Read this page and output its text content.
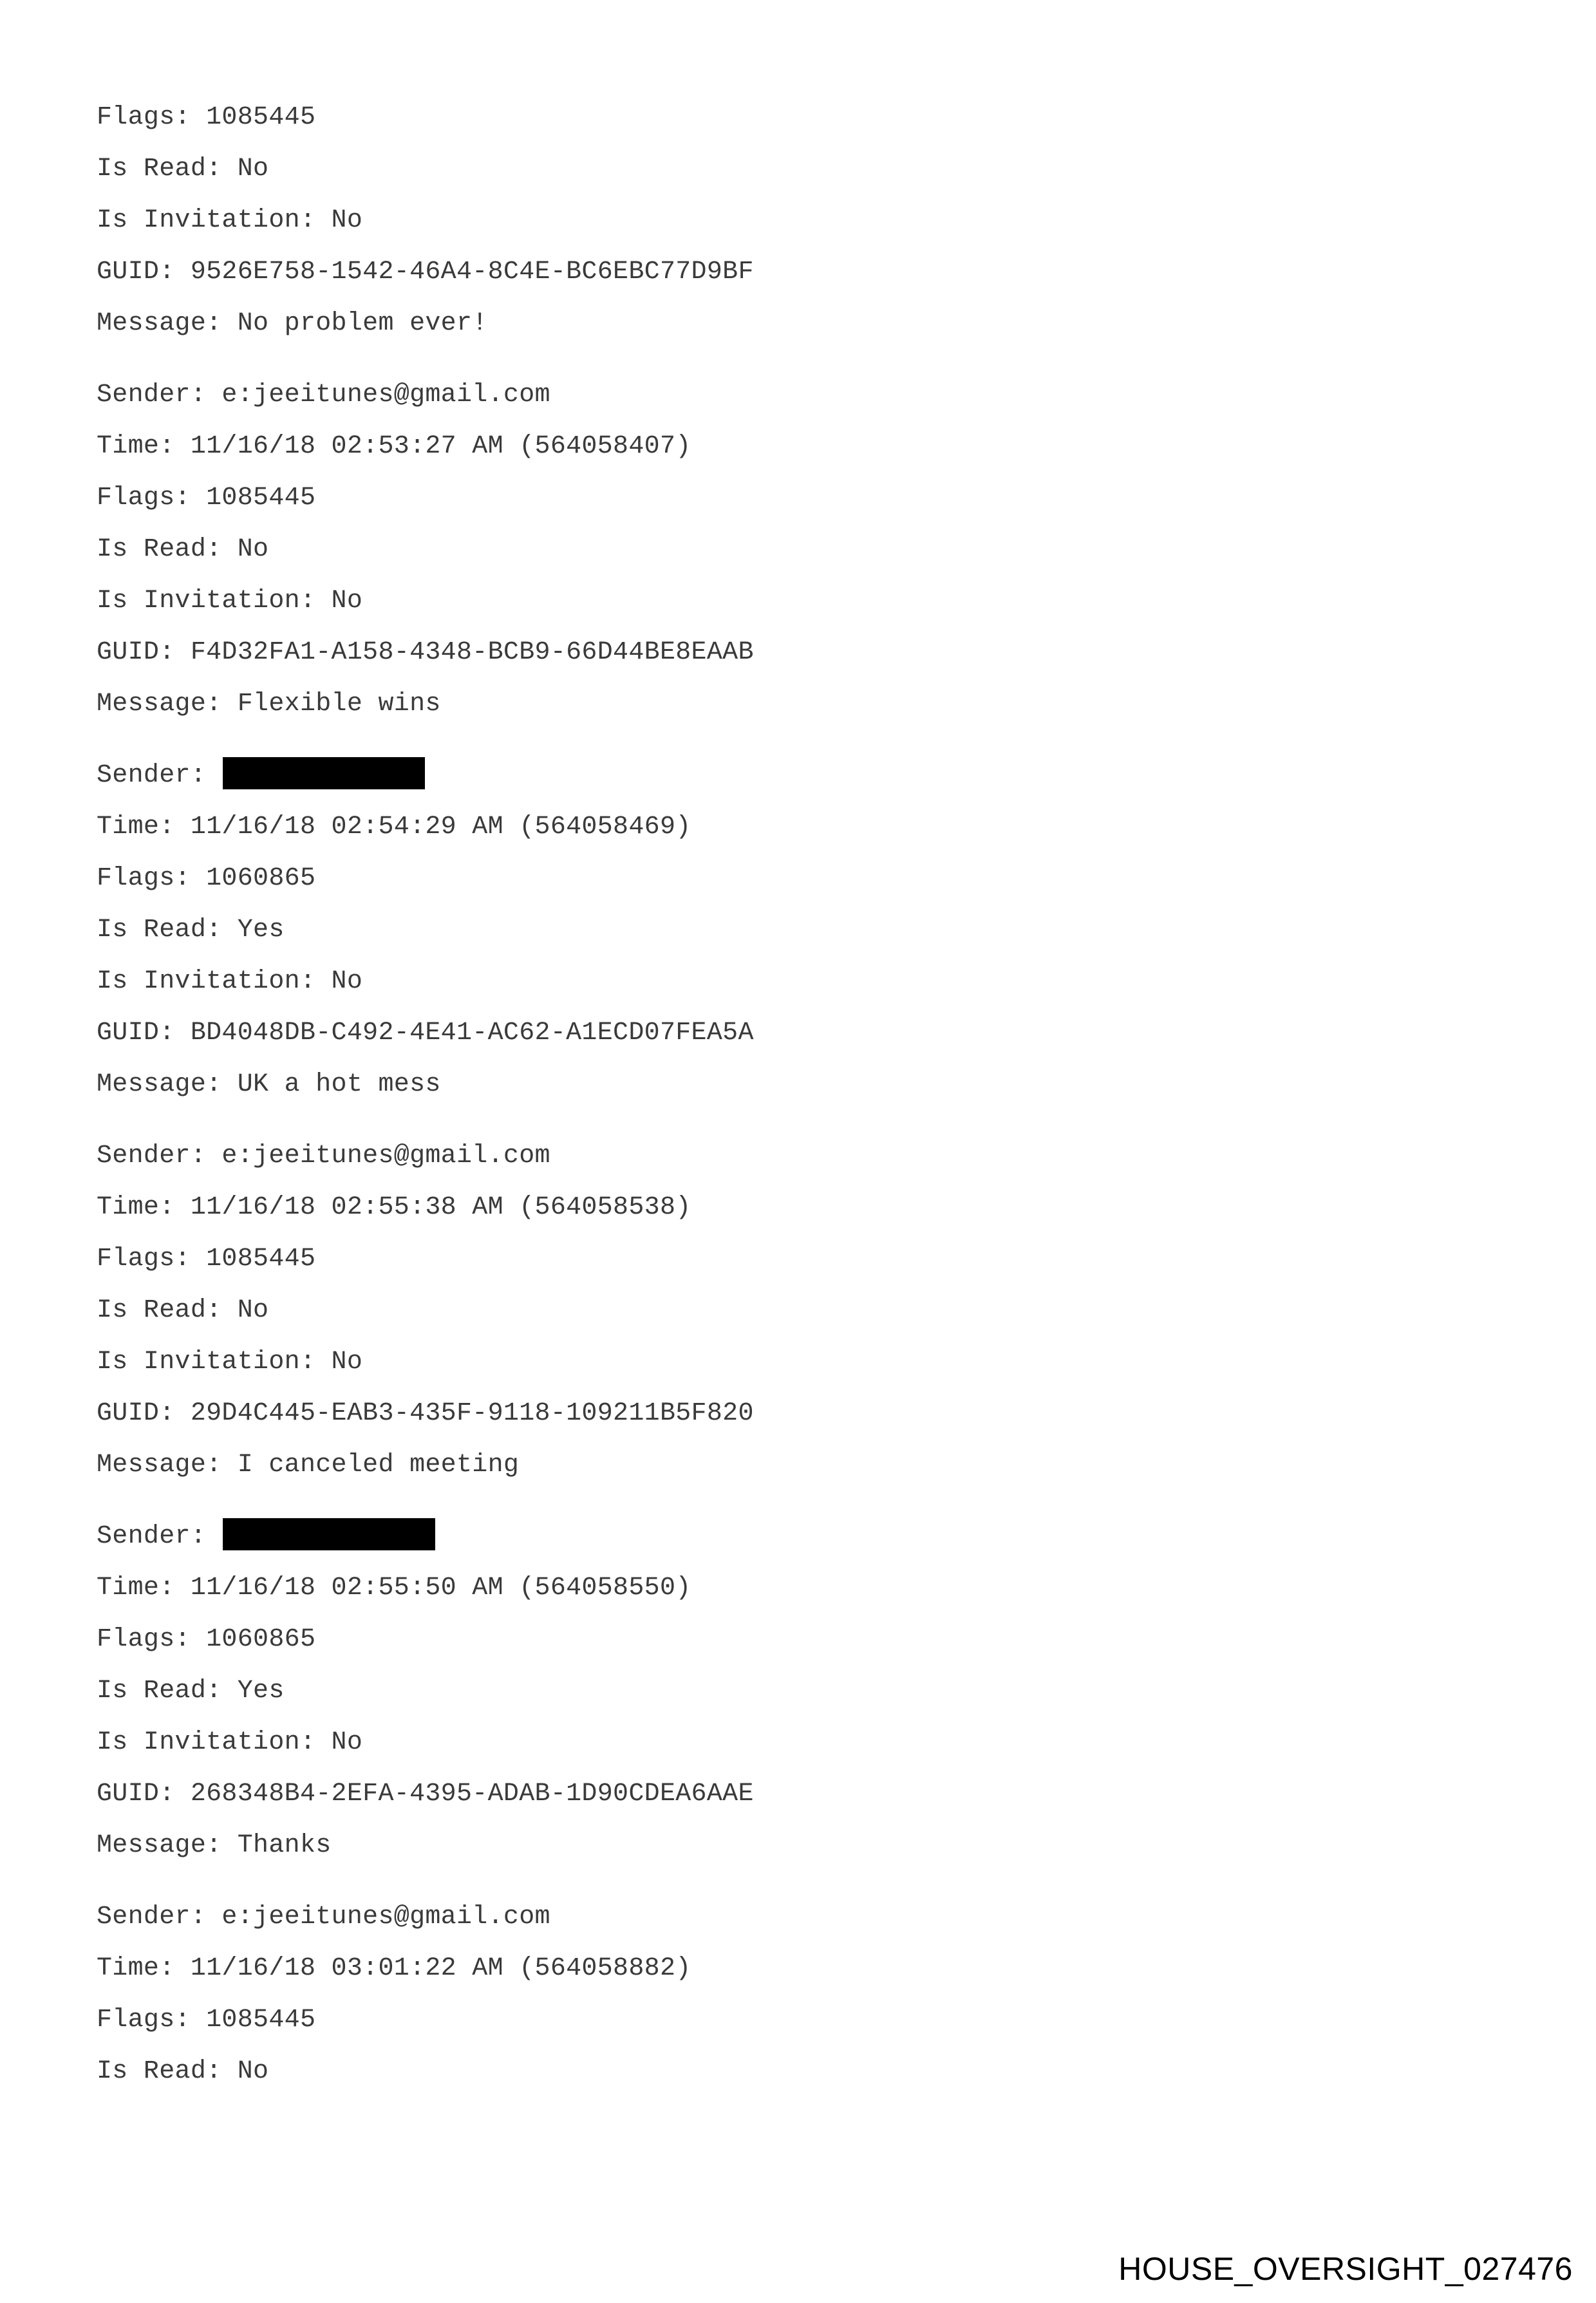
Flags: 1085445
Is Read: No
Is Invitation: No
GUID: 9526E758-1542-46A4-8C4E-BC6EBC77D9BF
Message: No problem ever!
Sender: e:jeeitunes@gmail.com
Time: 11/16/18 02:53:27 AM (564058407)
Flags: 1085445
Is Read: No
Is Invitation: No
GUID: F4D32FA1-A158-4348-BCB9-66D44BE8EAAB
Message: Flexible wins
Sender:
Time: 11/16/18 02:54:29 AM (564058469)
Flags: 1060865
Is Read: Yes
Is Invitation: No
GUID: BD4048DB-C492-4E41-AC62-A1ECD07FEA5A
Message: UK a hot mess
Sender: e:jeeitunes@gmail.com
Time: 11/16/18 02:55:38 AM (564058538)
Flags: 1085445
Is Read: No
Is Invitation: No
GUID: 29D4C445-EAB3-435F-9118-109211B5F820
Message: I canceled meeting
Sender:
Time: 11/16/18 02:55:50 AM (564058550)
Flags: 1060865
Is Read: Yes
Is Invitation: No
GUID: 268348B4-2EFA-4395-ADAB-1D90CDEA6AAE
Message: Thanks
Sender: e:jeeitunes@gmail.com
Time: 11/16/18 03:01:22 AM (564058882)
Flags: 1085445
Is Read: No
HOUSE_OVERSIGHT_027476
